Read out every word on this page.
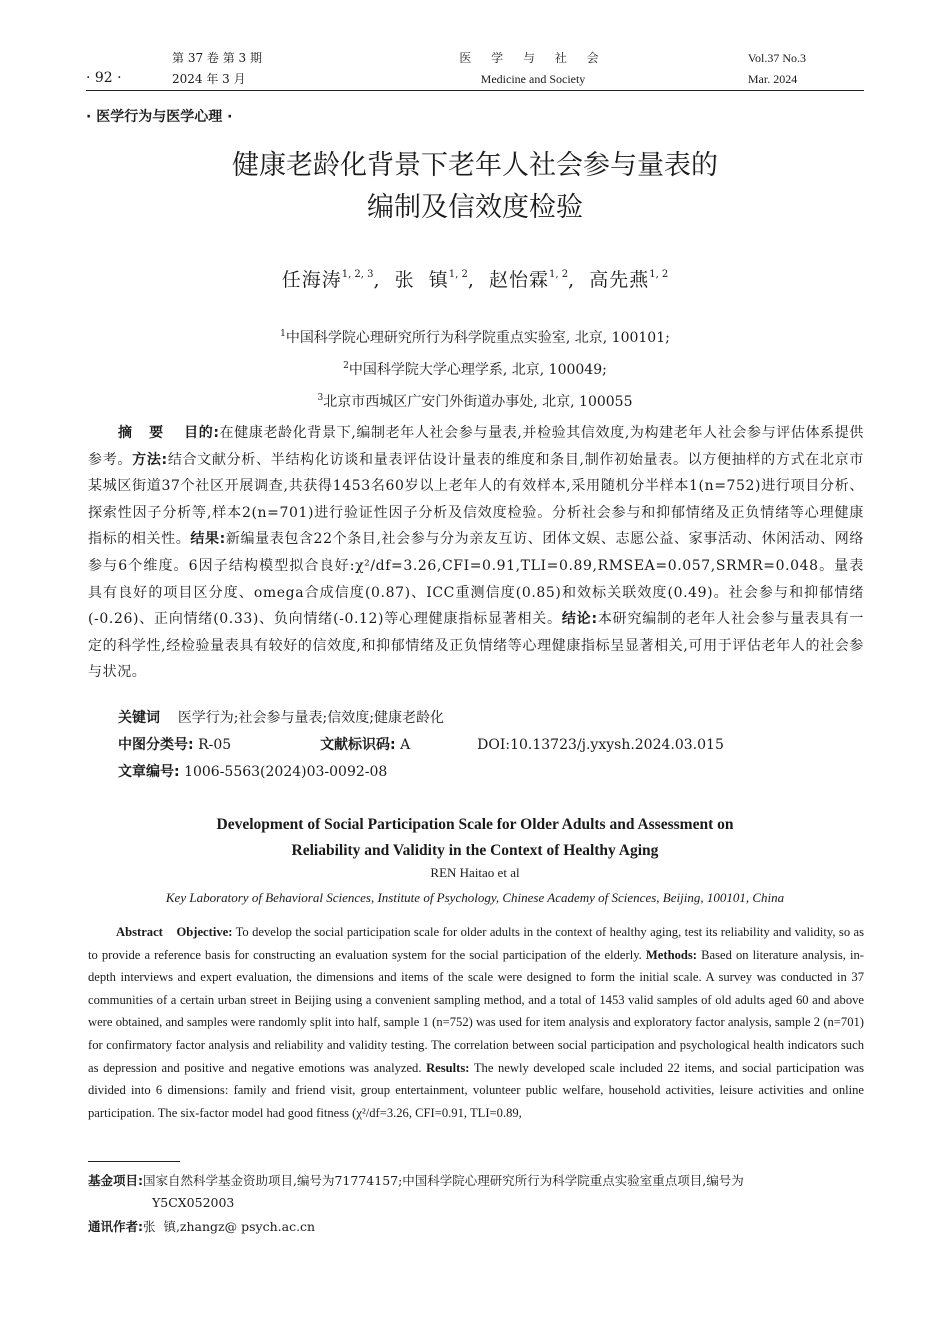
· 92 ·
第 37 卷 第 3 期
2024 年 3 月
医 学 与 社 会
Medicine and Society
Vol.37 No.3
Mar. 2024
· 医学行为与医学心理 ·
健康老龄化背景下老年人社会参与量表的
编制及信效度检验
任海涛$^{1, 2, 3}$,  张  镇$^{1, 2}$,  赵怡霖$^{1, 2}$,  高先燕$^{1, 2}$
$^1$中国科学院心理研究所行为科学院重点实验室, 北京, 100101;
$^2$中国科学院大学心理学系, 北京, 100049;
$^3$北京市西城区广安门外街道办事处, 北京, 100055
摘   要 目的:在健康老龄化背景下,编制老年人社会参与量表,并检验其信效度,为构建老年人社会参与评估体系提供参考。方法:结合文献分析、半结构化访谈和量表评估设计量表的维度和条目,制作初始量表。以方便抽样的方式在北京市某城区街道37个社区开展调查,共获得1453名60岁以上老年人的有效样本,采用随机分半样本1(n=752)进行项目分析、探索性因子分析等,样本2(n=701)进行验证性因子分析及信效度检验。分析社会参与和抑郁情绪及正负情绪等心理健康指标的相关性。结果:新编量表包含22个条目,社会参与分为亲友互访、团体文娱、志愿公益、家事活动、休闲活动、网络参与6个维度。6因子结构模型拟合良好:χ²/df=3.26,CFI=0.91,TLI=0.89,RMSEA=0.057,SRMR=0.048。量表具有良好的项目区分度、omega合成信度(0.87)、ICC重测信度(0.85)和效标关联效度(0.49)。社会参与和抑郁情绪(-0.26)、正向情绪(0.33)、负向情绪(-0.12)等心理健康指标显著相关。结论:本研究编制的老年人社会参与量表具有一定的科学性,经检验量表具有较好的信效度,和抑郁情绪及正负情绪等心理健康指标呈显著相关,可用于评估老年人的社会参与状况。
关键词 医学行为;社会参与量表;信效度;健康老龄化
中图分类号: R-05	文献标识码: A	DOI:10.13723/j.yxysh.2024.03.015
文章编号: 1006-5563(2024)03-0092-08
Development of Social Participation Scale for Older Adults and Assessment on
Reliability and Validity in the Context of Healthy Aging
REN Haitao et al
Key Laboratory of Behavioral Sciences, Institute of Psychology, Chinese Academy of Sciences, Beijing, 100101, China
Abstract Objective: To develop the social participation scale for older adults in the context of healthy aging, test its reliability and validity, so as to provide a reference basis for constructing an evaluation system for the social participation of the elderly. Methods: Based on literature analysis, in-depth interviews and expert evaluation, the dimensions and items of the scale were designed to form the initial scale. A survey was conducted in 37 communities of a certain urban street in Beijing using a convenient sampling method, and a total of 1453 valid samples of old adults aged 60 and above were obtained, and samples were randomly split into half, sample 1 (n=752) was used for item analysis and exploratory factor analysis, sample 2 (n=701) for confirmatory factor analysis and reliability and validity testing. The correlation between social participation and psychological health indicators such as depression and positive and negative emotions was analyzed. Results: The newly developed scale included 22 items, and social participation was divided into 6 dimensions: family and friend visit, group entertainment, volunteer public welfare, household activities, leisure activities and online participation. The six-factor model had good fitness (χ²/df=3.26, CFI=0.91, TLI=0.89,
基金项目:国家自然科学基金资助项目,编号为71774157;中国科学院心理研究所行为科学院重点实验室重点项目,编号为
Y5CX052003
通讯作者:张  镇,zhangz@ psych.ac.cn
